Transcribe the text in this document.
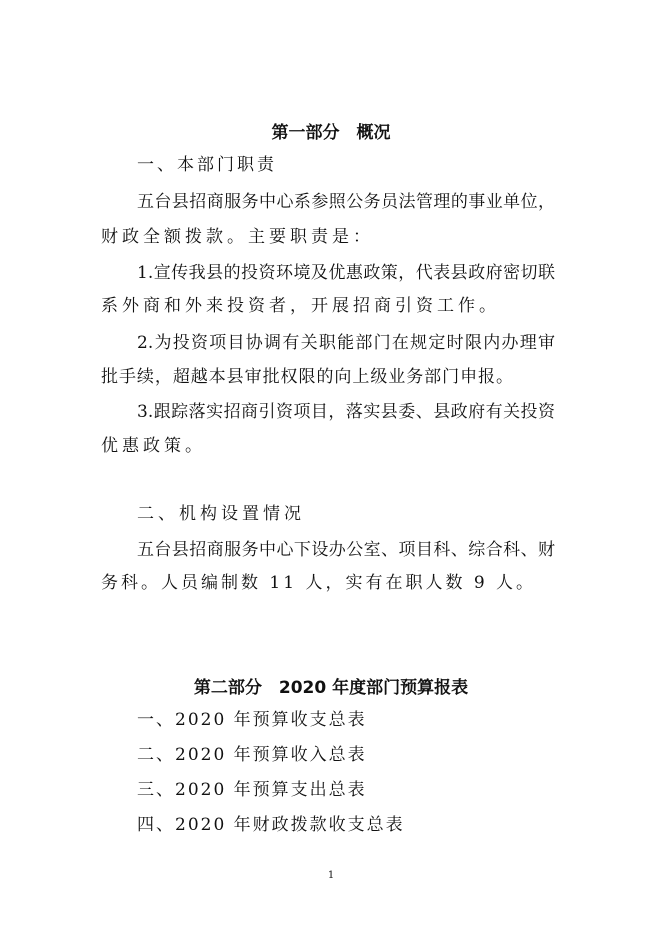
第一部分　概况
一、本部门职责
五台县招商服务中心系参照公务员法管理的事业单位，
财政全额拨款。主要职责是：
1.宣传我县的投资环境及优惠政策，代表县政府密切联
系外商和外来投资者，开展招商引资工作。
2.为投资项目协调有关职能部门在规定时限内办理审
批手续，超越本县审批权限的向上级业务部门申报。
3.跟踪落实招商引资项目，落实县委、县政府有关投资
优惠政策。
二、机构设置情况
五台县招商服务中心下设办公室、项目科、综合科、财
务科。人员编制数 11 人，实有在职人数 9 人。
第二部分　2020 年度部门预算报表
一、2020 年预算收支总表
二、2020 年预算收入总表
三、2020 年预算支出总表
四、2020 年财政拨款收支总表
1
